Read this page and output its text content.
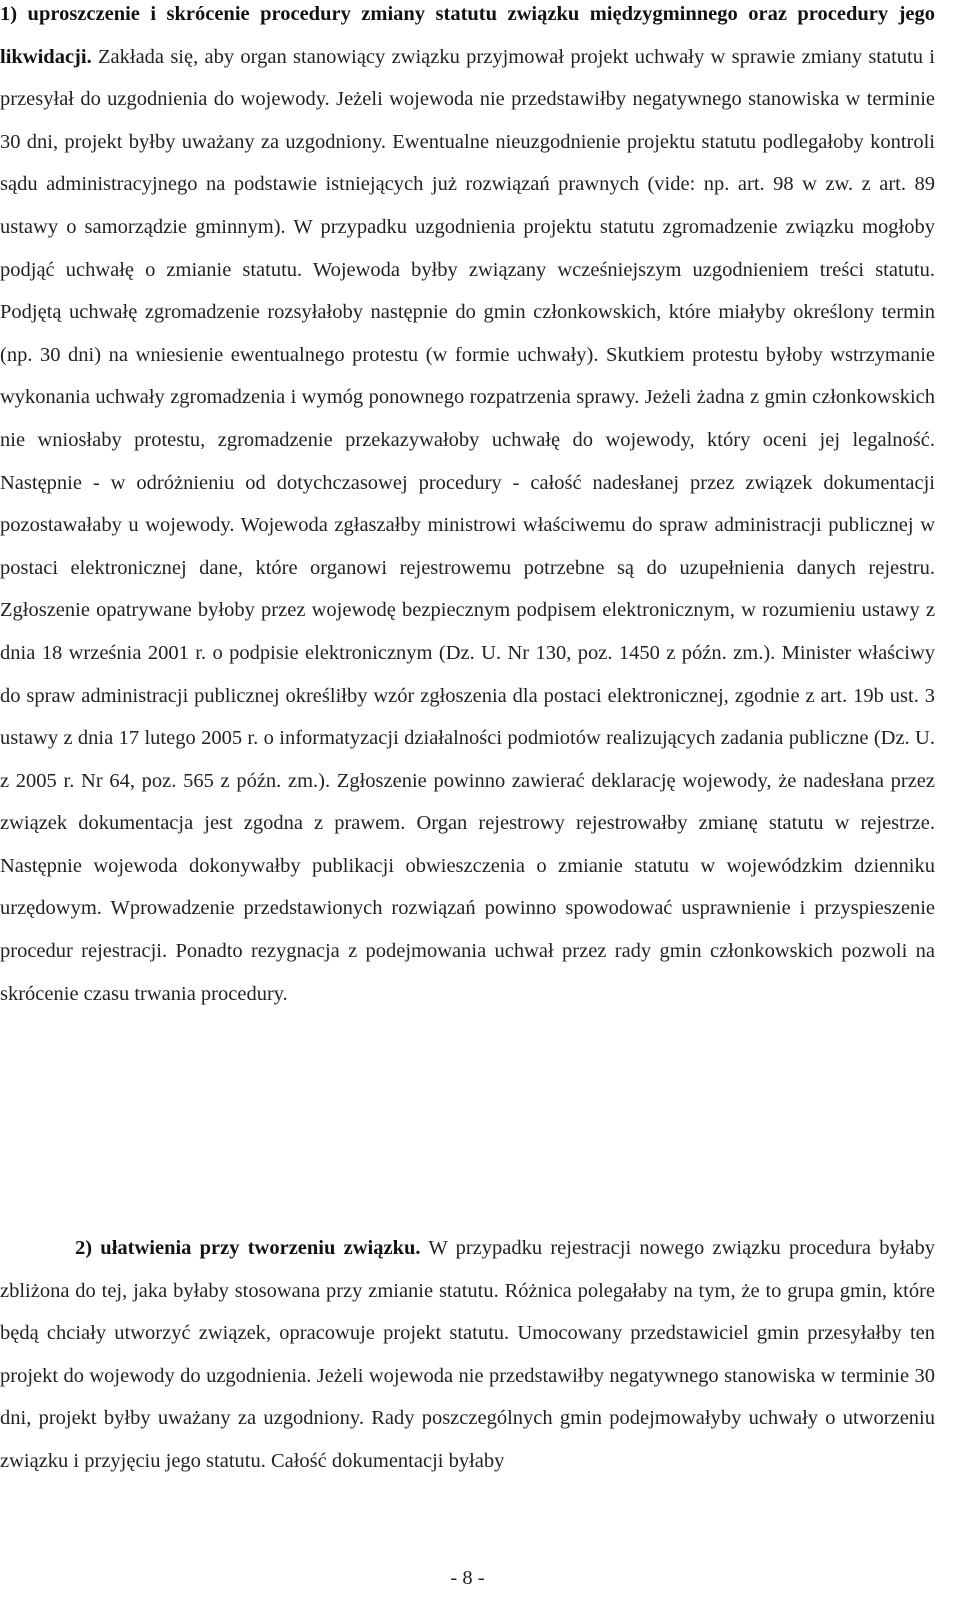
1) uproszczenie i skrócenie procedury zmiany statutu związku międzygminnego oraz procedury jego likwidacji. Zakłada się, aby organ stanowiący związku przyjmował projekt uchwały w sprawie zmiany statutu i przesyłał do uzgodnienia do wojewody. Jeżeli wojewoda nie przedstawiłby negatywnego stanowiska w terminie 30 dni, projekt byłby uważany za uzgodniony. Ewentualne nieuzgodnienie projektu statutu podlegałoby kontroli sądu administracyjnego na podstawie istniejących już rozwiązań prawnych (vide: np. art. 98 w zw. z art. 89 ustawy o samorządzie gminnym). W przypadku uzgodnienia projektu statutu zgromadzenie związku mogłoby podjąć uchwałę o zmianie statutu. Wojewoda byłby związany wcześniejszym uzgodnieniem treści statutu. Podjętą uchwałę zgromadzenie rozsyłałoby następnie do gmin członkowskich, które miałyby określony termin (np. 30 dni) na wniesienie ewentualnego protestu (w formie uchwały). Skutkiem protestu byłoby wstrzymanie wykonania uchwały zgromadzenia i wymóg ponownego rozpatrzenia sprawy. Jeżeli żadna z gmin członkowskich nie wniosłaby protestu, zgromadzenie przekazywałoby uchwałę do wojewody, który oceni jej legalność. Następnie - w odróżnieniu od dotychczasowej procedury - całość nadesłanej przez związek dokumentacji pozostawałaby u wojewody. Wojewoda zgłaszałby ministrowi właściwemu do spraw administracji publicznej w postaci elektronicznej dane, które organowi rejestrowemu potrzebne są do uzupełnienia danych rejestru. Zgłoszenie opatrywane byłoby przez wojewodę bezpiecznym podpisem elektronicznym, w rozumieniu ustawy z dnia 18 września 2001 r. o podpisie elektronicznym (Dz. U. Nr 130, poz. 1450 z późn. zm.). Minister właściwy do spraw administracji publicznej określiłby wzór zgłoszenia dla postaci elektronicznej, zgodnie z art. 19b ust. 3 ustawy z dnia 17 lutego 2005 r. o informatyzacji działalności podmiotów realizujących zadania publiczne (Dz. U. z 2005 r. Nr 64, poz. 565 z późn. zm.). Zgłoszenie powinno zawierać deklarację wojewody, że nadesłana przez związek dokumentacja jest zgodna z prawem. Organ rejestrowy rejestrowałby zmianę statutu w rejestrze. Następnie wojewoda dokonywałby publikacji obwieszczenia o zmianie statutu w wojewódzkim dzienniku urzędowym. Wprowadzenie przedstawionych rozwiązań powinno spowodować usprawnienie i przyspieszenie procedur rejestracji. Ponadto rezygnacja z podejmowania uchwał przez rady gmin członkowskich pozwoli na skrócenie czasu trwania procedury.

2) ułatwienia przy tworzeniu związku. W przypadku rejestracji nowego związku procedura byłaby zbliżona do tej, jaka byłaby stosowana przy zmianie statutu. Różnica polegałaby na tym, że to grupa gmin, które będą chciały utworzyć związek, opracowuje projekt statutu. Umocowany przedstawiciel gmin przesyłałby ten projekt do wojewody do uzgodnienia. Jeżeli wojewoda nie przedstawiłby negatywnego stanowiska w terminie 30 dni, projekt byłby uważany za uzgodniony. Rady poszczególnych gmin podejmowałyby uchwały o utworzeniu związku i przyjęciu jego statutu. Całość dokumentacji byłaby

- 8 -
